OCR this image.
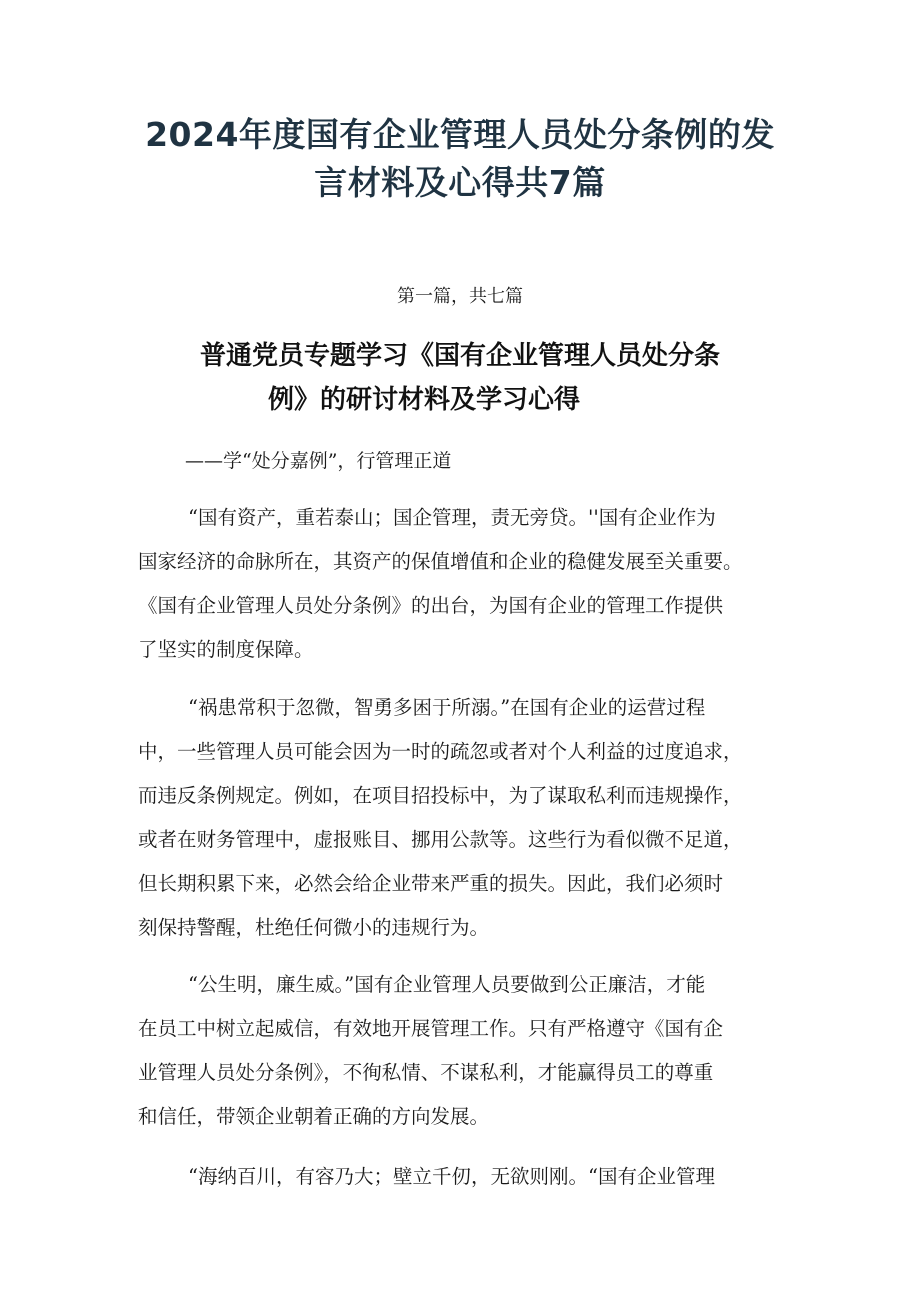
2024年度国有企业管理人员处分条例的发
言材料及心得共7篇
第一篇，共七篇
普通党员专题学习《国有企业管理人员处分条
例》的研讨材料及学习心得
——学“处分嘉例”，行管理正道
“国有资产，重若泰山；国企管理，责无旁贷。''国有企业作为
国家经济的命脉所在，其资产的保值增值和企业的稳健发展至关重要。
《国有企业管理人员处分条例》的出台，为国有企业的管理工作提供
了坚实的制度保障。
“祸患常积于忽微，智勇多困于所溺。”在国有企业的运营过程
中，一些管理人员可能会因为一时的疏忽或者对个人利益的过度追求，
而违反条例规定。例如，在项目招投标中，为了谋取私利而违规操作，
或者在财务管理中，虚报账目、挪用公款等。这些行为看似微不足道，
但长期积累下来，必然会给企业带来严重的损失。因此，我们必须时
刻保持警醒，杜绝任何微小的违规行为。
“公生明，廉生威。”国有企业管理人员要做到公正廉洁，才能
在员工中树立起威信，有效地开展管理工作。只有严格遵守《国有企
业管理人员处分条例》，不徇私情、不谋私利，才能赢得员工的尊重
和信任，带领企业朝着正确的方向发展。
“海纳百川，有容乃大；壁立千仞，无欲则刚。“国有企业管理
